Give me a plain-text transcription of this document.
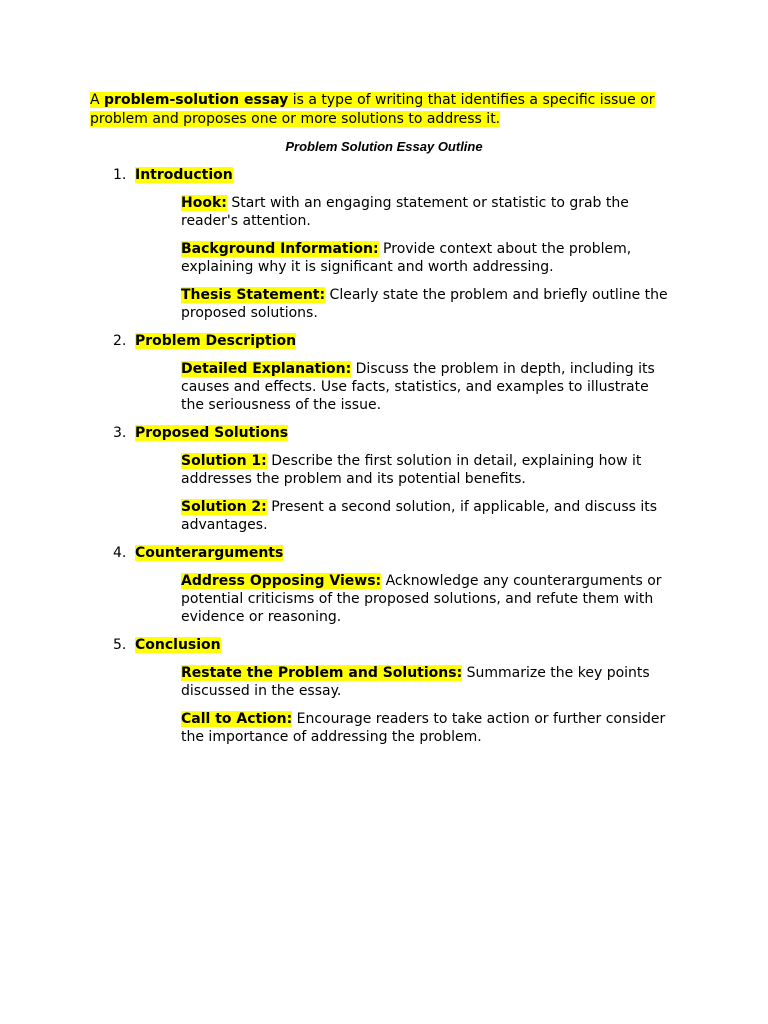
A problem-solution essay is a type of writing that identifies a specific issue or problem and proposes one or more solutions to address it.

Problem Solution Essay Outline

1. Introduction

Hook: Start with an engaging statement or statistic to grab the reader's attention.

Background Information: Provide context about the problem, explaining why it is significant and worth addressing.

Thesis Statement: Clearly state the problem and briefly outline the proposed solutions.

2. Problem Description

Detailed Explanation: Discuss the problem in depth, including its causes and effects. Use facts, statistics, and examples to illustrate the seriousness of the issue.

3. Proposed Solutions

Solution 1: Describe the first solution in detail, explaining how it addresses the problem and its potential benefits.

Solution 2: Present a second solution, if applicable, and discuss its advantages.

4. Counterarguments

Address Opposing Views: Acknowledge any counterarguments or potential criticisms of the proposed solutions, and refute them with evidence or reasoning.

5. Conclusion

Restate the Problem and Solutions: Summarize the key points discussed in the essay.

Call to Action: Encourage readers to take action or further consider the importance of addressing the problem.
